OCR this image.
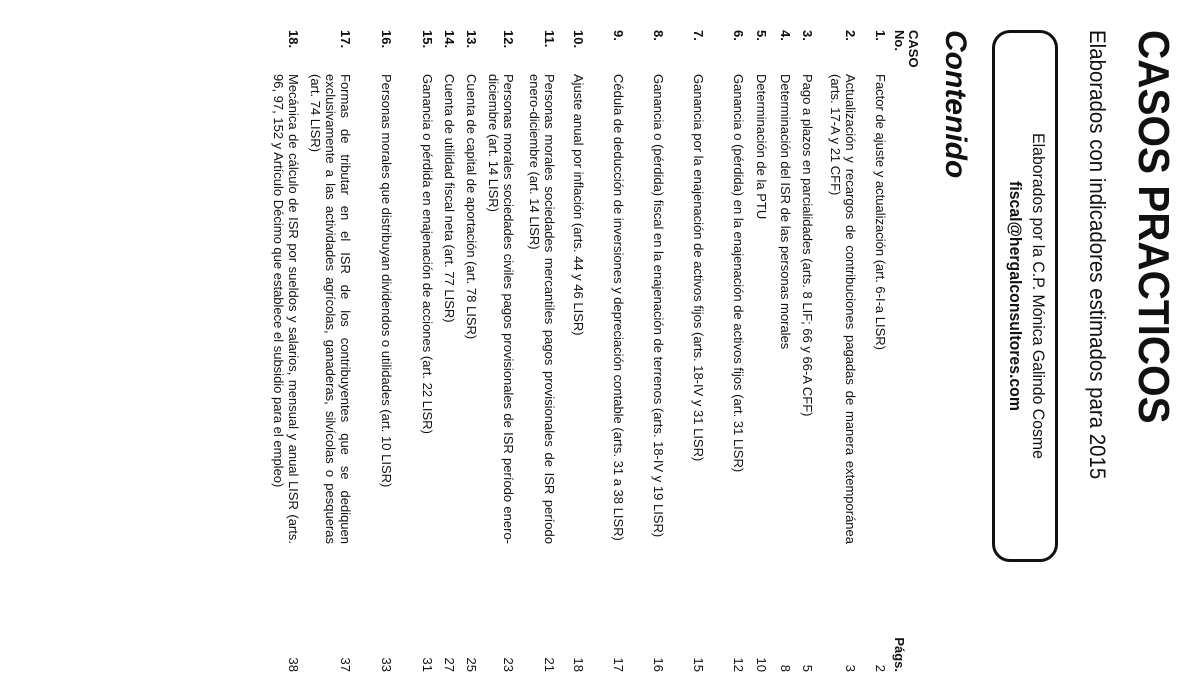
CASOS PRACTICOS
Elaborados con indicadores estimados para 2015
Elaborados por la C.P. Mónica Galindo Cosme
fiscal@hergalconsultores.com
Contenido
CASO No.
Págs.
1.
Factor de ajuste y actualización (art. 6-I-a LISR)
2
2.
Actualización y recargos de contribuciones pagadas de manera extemporánea (arts. 17-A y 21 CFF)
3
3.
Pago a plazos en parcialidades (arts. 8 LIF; 66 y 66-A CFF)
5
4.
Determinación del ISR de las personas morales
8
5.
Determinación de la PTU
10
6.
Ganancia o (pérdida) en la enajenación de activos fijos (art. 31 LISR)
12
7.
Ganancia por la enajenación de activos fijos (arts. 18-IV y 31 LISR)
15
8.
Ganancia o (pérdida) fiscal en la enajenación de terrenos (arts. 18-IV y 19 LISR)
16
9.
Cédula de deducción de inversiones y depreciación contable (arts. 31 a 38 LISR)
17
10.
Ajuste anual por inflación (arts. 44 y 46 LISR)
18
11.
Personas morales sociedades mercantiles pagos provisionales de ISR período enero-diciembre (art. 14 LISR)
21
12.
Personas morales sociedades civiles pagos provisionales de ISR período enero-diciembre (art. 14 LISR)
23
13.
Cuenta de capital de aportación (art. 78 LISR)
25
14.
Cuenta de utilidad fiscal neta (art. 77 LISR)
27
15.
Ganancia o pérdida en enajenación de acciones (art. 22 LISR)
31
16.
Personas morales que distribuyan dividendos o utilidades (art. 10 LISR)
33
17.
Formas de tributar en el ISR de los contribuyentes que se dediquen exclusivamente a las actividades agrícolas, ganaderas, silvícolas o pesqueras (art. 74 LISR)
37
18.
Mecánica de cálculo de ISR por sueldos y salarios, mensual y anual LISR (arts. 96, 97, 152 y Artículo Décimo que establece el subsidio para el empleo)
38
